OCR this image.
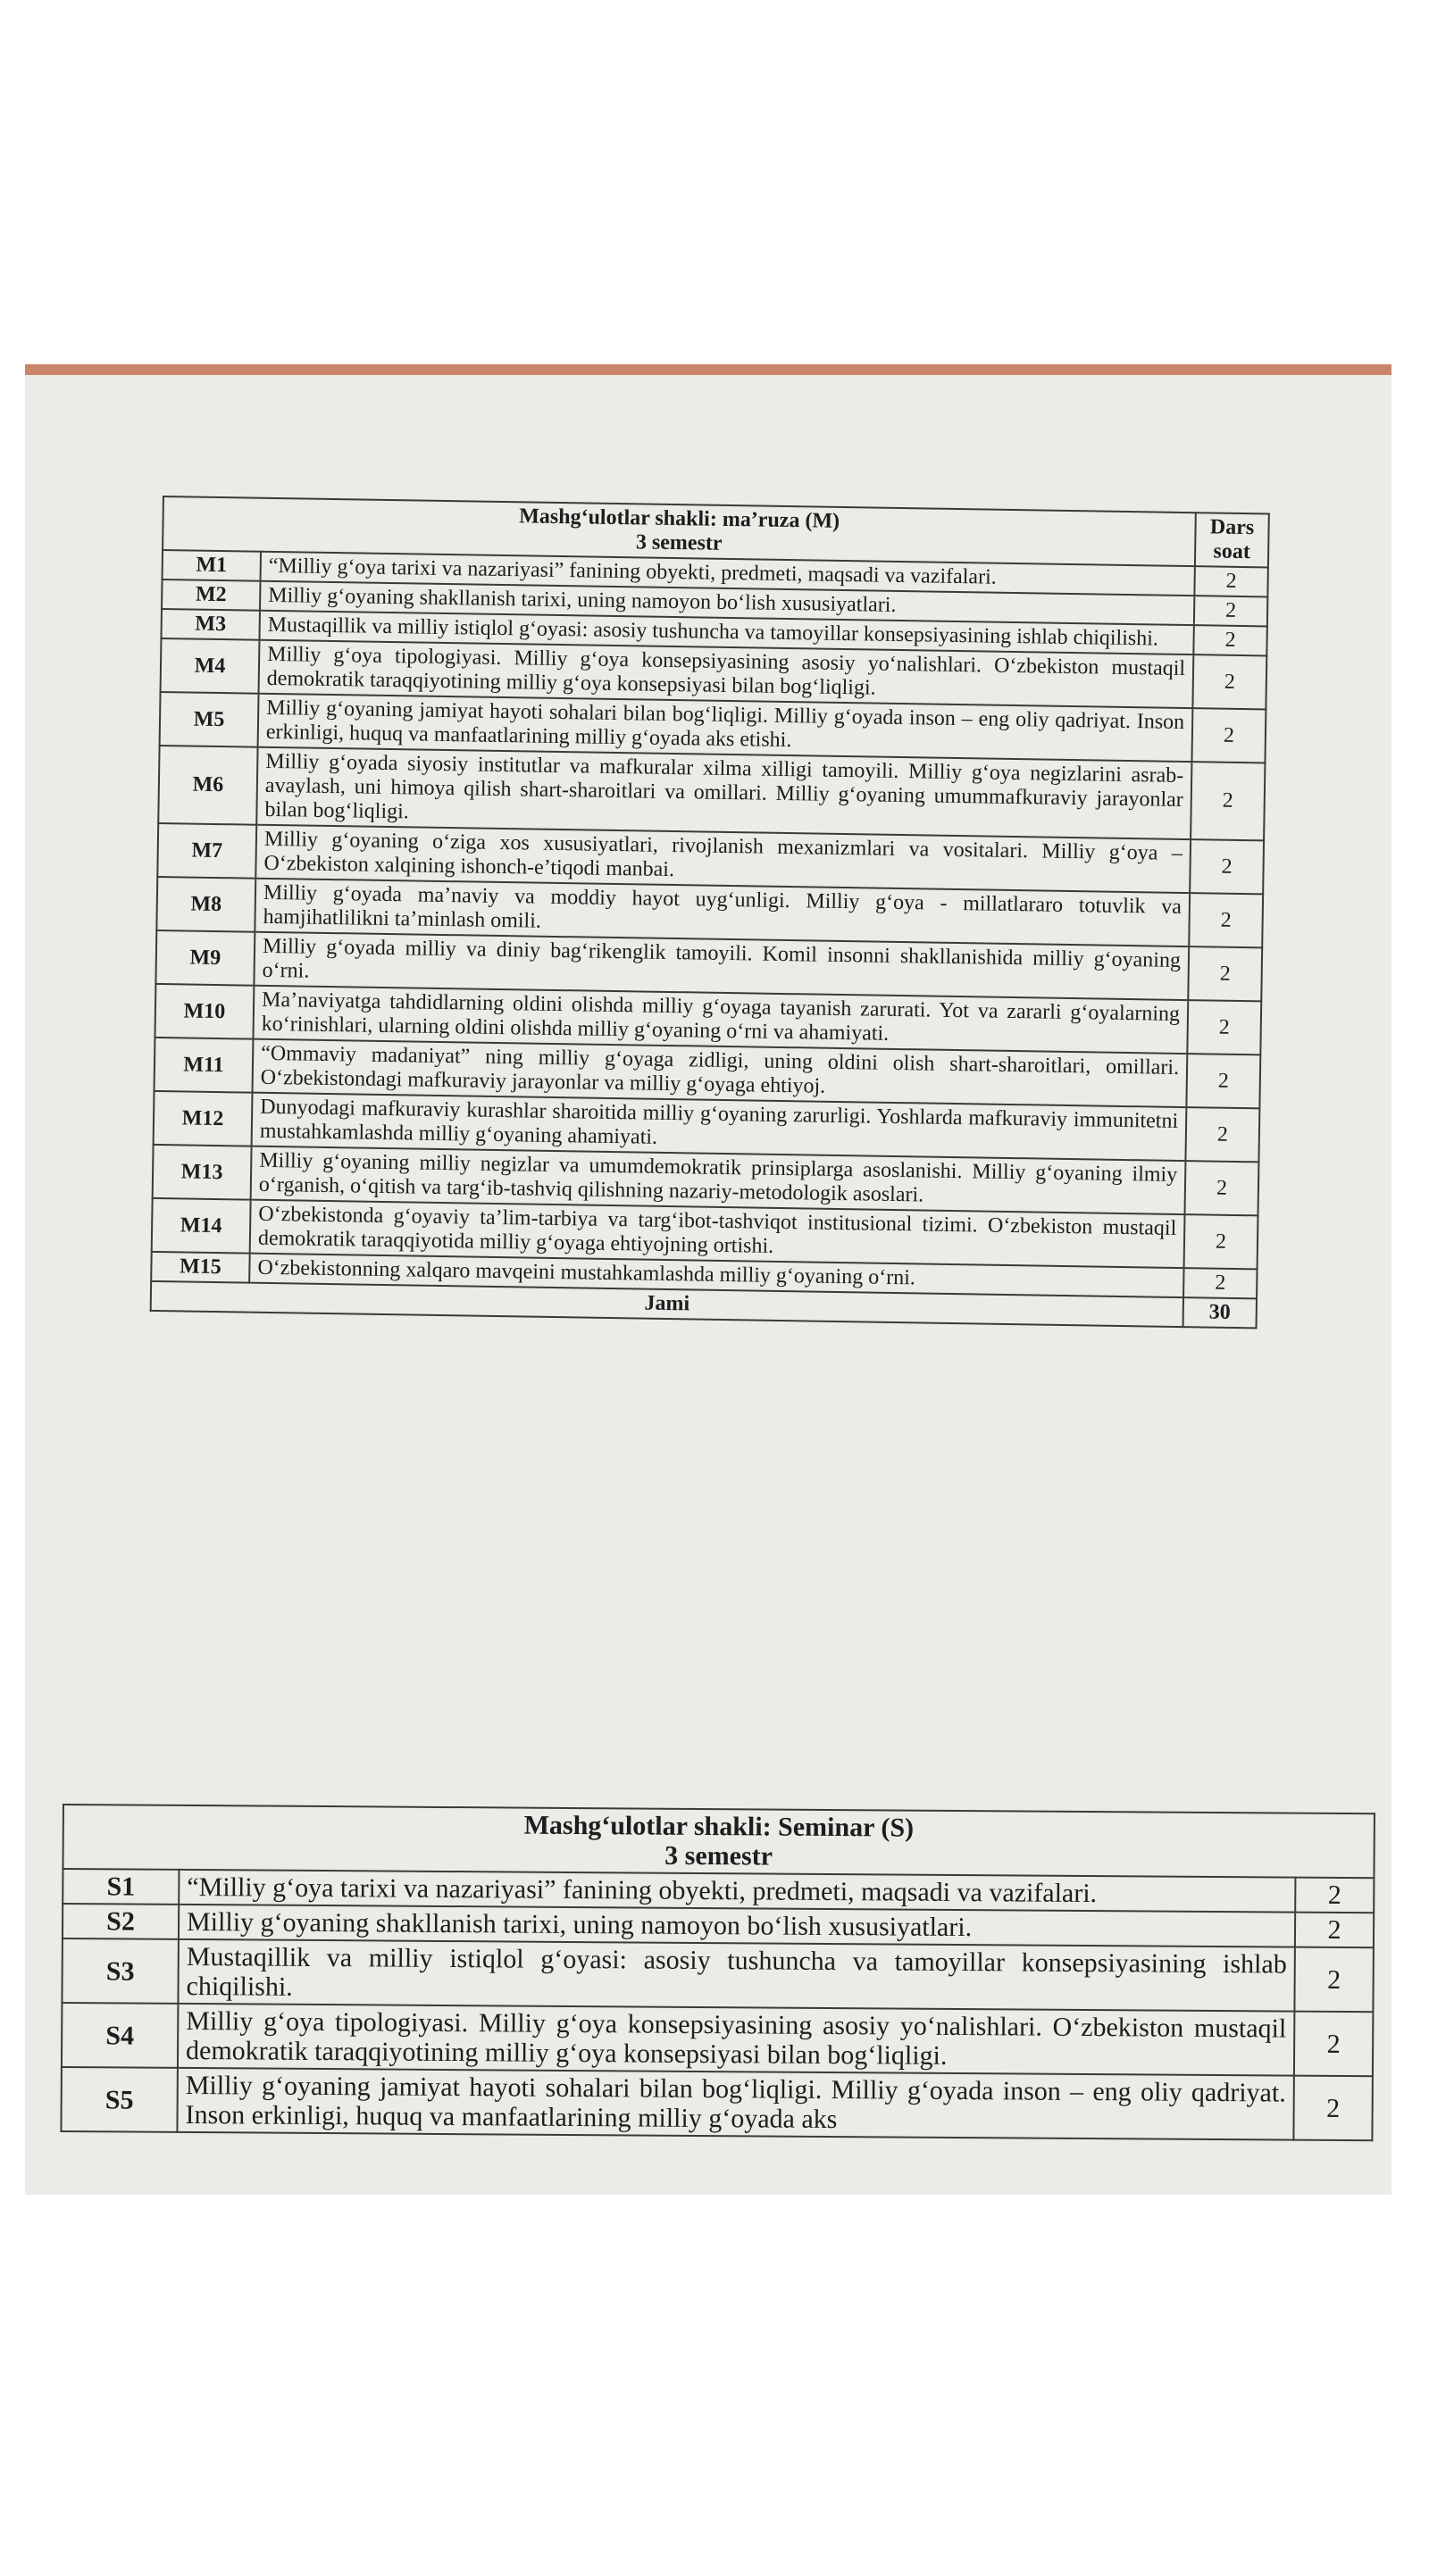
Mashg‘ulotlar shakli: ma’ruza (M)
3 semestr		Dars soat
M1	“Milliy g‘oya tarixi va nazariyasi” fanining obyekti, predmeti, maqsadi va vazifalari.	2
M2	Milliy g‘oyaning shakllanish tarixi, uning namoyon bo‘lish xususiyatlari.	2
M3	Mustaqillik va milliy istiqlol g‘oyasi: asosiy tushuncha va tamoyillar konsepsiyasining ishlab chiqilishi.	2
M4	Milliy g‘oya tipologiyasi. Milliy g‘oya konsepsiyasining asosiy yo‘nalishlari. O‘zbekiston mustaqil demokratik taraqqiyotining milliy g‘oya konsepsiyasi bilan bog‘liqligi.	2
M5	Milliy g‘oyaning jamiyat hayoti sohalari bilan bog‘liqligi. Milliy g‘oyada inson – eng oliy qadriyat. Inson erkinligi, huquq va manfaatlarining milliy g‘oyada aks etishi.	2
M6	Milliy g‘oyada siyosiy institutlar va mafkuralar xilma xilligi tamoyili. Milliy g‘oya negizlarini asrab-avaylash, uni himoya qilish shart-sharoitlari va omillari. Milliy g‘oyaning umummafkuraviy jarayonlar bilan bog‘liqligi.	2
M7	Milliy g‘oyaning o‘ziga xos xususiyatlari, rivojlanish mexanizmlari va vositalari. Milliy g‘oya – O‘zbekiston xalqining ishonch-e’tiqodi manbai.	2
M8	Milliy g‘oyada ma’naviy va moddiy hayot uyg‘unligi. Milliy g‘oya - millatlararo totuvlik va hamjihatlilikni ta’minlash omili.	2
M9	Milliy g‘oyada milliy va diniy bag‘rikenglik tamoyili. Komil insonni shakllanishida milliy g‘oyaning o‘rni.	2
M10	Ma’naviyatga tahdidlarning oldini olishda milliy g‘oyaga tayanish zarurati. Yot va zararli g‘oyalarning ko‘rinishlari, ularning oldini olishda milliy g‘oyaning o‘rni va ahamiyati.	2
M11	“Ommaviy madaniyat” ning milliy g‘oyaga zidligi, uning oldini olish shart-sharoitlari, omillari. O‘zbekistondagi mafkuraviy jarayonlar va milliy g‘oyaga ehtiyoj.	2
M12	Dunyodagi mafkuraviy kurashlar sharoitida milliy g‘oyaning zarurligi. Yoshlarda mafkuraviy immunitetni mustahkamlashda milliy g‘oyaning ahamiyati.	2
M13	Milliy g‘oyaning milliy negizlar va umumdemokratik prinsiplarga asoslanishi. Milliy g‘oyaning ilmiy o‘rganish, o‘qitish va targ‘ib-tashviq qilishning nazariy-metodologik asoslari.	2
M14	O‘zbekistonda g‘oyaviy ta’lim-tarbiya va targ‘ibot-tashviqot institusional tizimi. O‘zbekiston mustaqil demokratik taraqqiyotida milliy g‘oyaga ehtiyojning ortishi.	2
M15	O‘zbekistonning xalqaro mavqeini mustahkamlashda milliy g‘oyaning o‘rni.	2
Jami		30
Mashg‘ulotlar shakli: Seminar (S)
3 semestr		

S1	“Milliy g‘oya tarixi va nazariyasi” fanining obyekti, predmeti, maqsadi va vazifalari.	2
S2	Milliy g‘oyaning shakllanish tarixi, uning namoyon bo‘lish xususiyatlari.	2
S3	Mustaqillik va milliy istiqlol g‘oyasi: asosiy tushuncha va tamoyillar konsepsiyasining ishlab chiqilishi.	2
S4	Milliy g‘oya tipologiyasi. Milliy g‘oya konsepsiyasining asosiy yo‘nalishlari. O‘zbekiston mustaqil demokratik taraqqiyotining milliy g‘oya konsepsiyasi bilan bog‘liqligi.	2
S5	Milliy g‘oyaning jamiyat hayoti sohalari bilan bog‘liqligi. Milliy g‘oyada inson – eng oliy qadriyat. Inson erkinligi, huquq va manfaatlarining milliy g‘oyada aks	2
